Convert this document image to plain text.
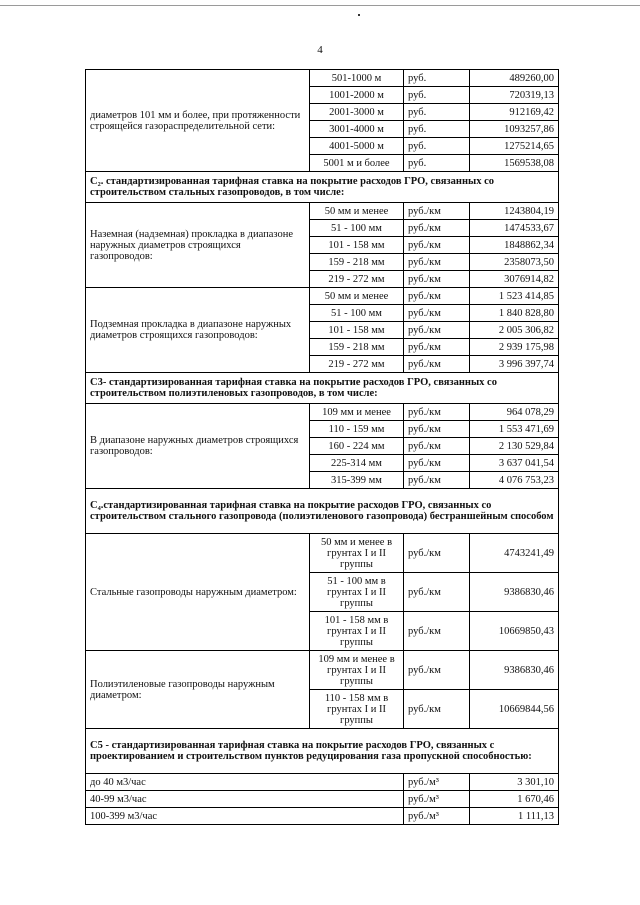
4
диаметров 101 мм и более, при протяженности строящейся газораспределительной сети:	501-1000 м	руб.	489260,00
	1001-2000 м	руб.	720319,13
	2001-3000 м	руб.	912169,42
	3001-4000 м	руб.	1093257,86
	4001-5000 м	руб.	1275214,65
	5001 м и более	руб.	1569538,08
С₂. стандартизированная тарифная ставка на покрытие расходов ГРО, связанных со строительством стальных газопроводов, в том числе:			
Наземная (надземная) прокладка в диапазоне наружных диаметров строящихся газопроводов:	50 мм и менее	руб./км	1243804,19
	51 - 100 мм	руб./км	1474533,67
	101 - 158 мм	руб./км	1848862,34
	159 - 218 мм	руб./км	2358073,50
	219 - 272 мм	руб./км	3076914,82
Подземная прокладка в диапазоне наружных диаметров строящихся газопроводов:	50 мм и менее	руб./км	1 523 414,85
	51 - 100 мм	руб./км	1 840 828,80
	101 - 158 мм	руб./км	2 005 306,82
	159 - 218 мм	руб./км	2 939 175,98
	219 - 272 мм	руб./км	3 996 397,74
С3- стандартизированная тарифная ставка на покрытие расходов ГРО, связанных со строительством полиэтиленовых газопроводов, в том числе:			
В диапазоне наружных диаметров строящихся газопроводов:	109 мм и менее	руб./км	964 078,29
	110 - 159 мм	руб./км	1 553 471,69
	160 - 224 мм	руб./км	2 130 529,84
	225-314 мм	руб./км	3 637 041,54
	315-399 мм	руб./км	4 076 753,23
С₄.стандартизированная тарифная ставка на покрытие расходов ГРО, связанных со строительством стального газопровода (полиэтиленового газопровода) бестраншейным способом			
Стальные газопроводы наружным диаметром:	50 мм и менее в грунтах I и II группы	руб./км	4743241,49
	51 - 100 мм в грунтах I и II группы	руб./км	9386830,46
	101 - 158 мм в грунтах I и II группы	руб./км	10669850,43
Полиэтиленовые газопроводы наружным диаметром:	109 мм и менее в грунтах I и II группы	руб./км	9386830,46
	110 - 158 мм в грунтах I и II группы	руб./км	10669844,56
С5 - стандартизированная тарифная ставка на покрытие расходов ГРО, связанных с проектированием и строительством пунктов редуцирования газа пропускной способностью:			
до 40 м3/час		руб./м³	3 301,10
40-99 м3/час		руб./м³	1 670,46
100-399 м3/час		руб./м³	1 111,13
